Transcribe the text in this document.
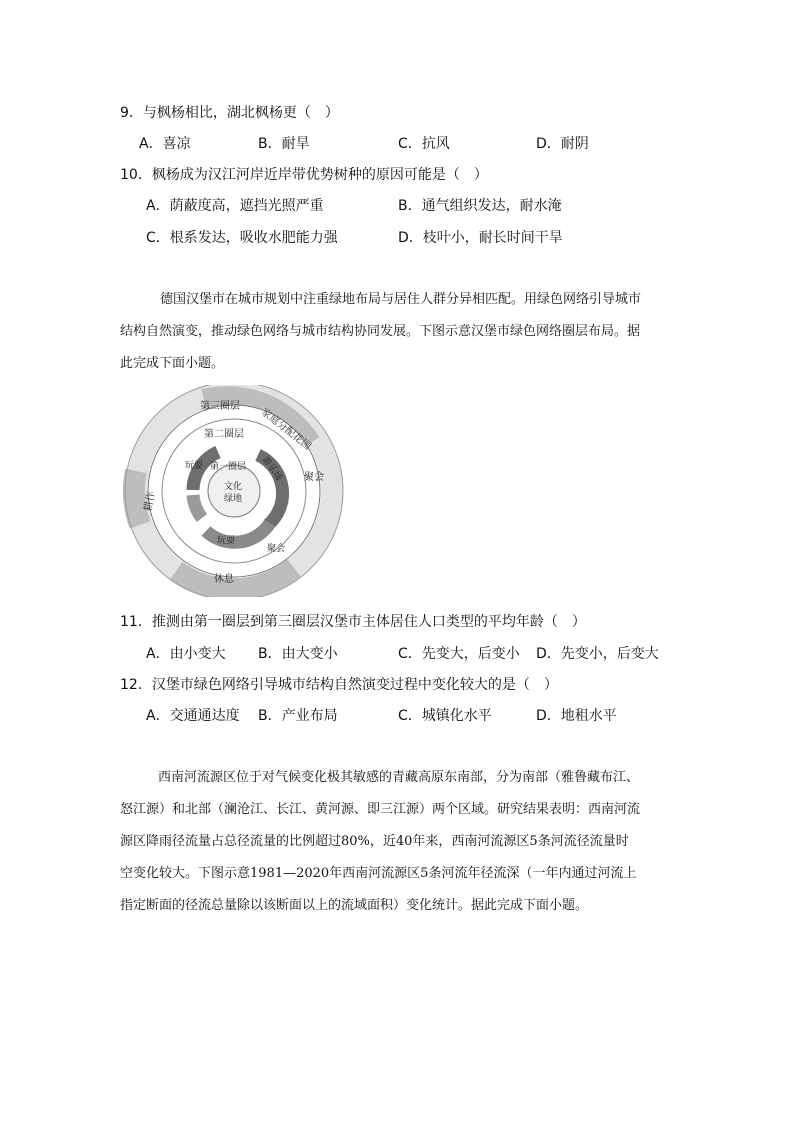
9．与枫杨相比，湖北枫杨更（　）
A．喜凉	B．耐旱	C．抗风	D．耐阴
10．枫杨成为汉江河岸近岸带优势树种的原因可能是（　）
A．荫蔽度高，遮挡光照严重	B．通气组织发达，耐水淹
C．根系发达，吸收水肥能力强	D．枝叶小，耐长时间干旱
德国汉堡市在城市规划中注重绿地布局与居住人群分异相匹配。用绿色网络引导城市
结构自然演变，推动绿色网络与城市结构协同发展。下图示意汉堡市绿色网络圈层布局。据
此完成下面小题。
第三圈层
第二圈层
第一圈层
文化
绿地
家庭分配花园
聚会
耕作
休息
玩耍	游乐场
玩耍
聚会
11．推测由第一圈层到第三圈层汉堡市主体居住人口类型的平均年龄（　）
A．由小变大 B．由大变小	C．先变大，后变小 D．先变小，后变大
12．汉堡市绿色网络引导城市结构自然演变过程中变化较大的是（　）
A．交通通达度 B．产业布局	C．城镇化水平	D．地租水平
西南河流源区位于对气候变化极其敏感的青藏高原东南部，分为南部（雅鲁藏布江、
怒江源）和北部（澜沧江、长江、黄河源、即三江源）两个区域。研究结果表明：西南河流
源区降雨径流量占总径流量的比例超过80%，近40年来，西南河流源区5条河流径流量时
空变化较大。下图示意1981—2020年西南河流源区5条河流年径流深（一年内通过河流上
指定断面的径流总量除以该断面以上的流域面积）变化统计。据此完成下面小题。
